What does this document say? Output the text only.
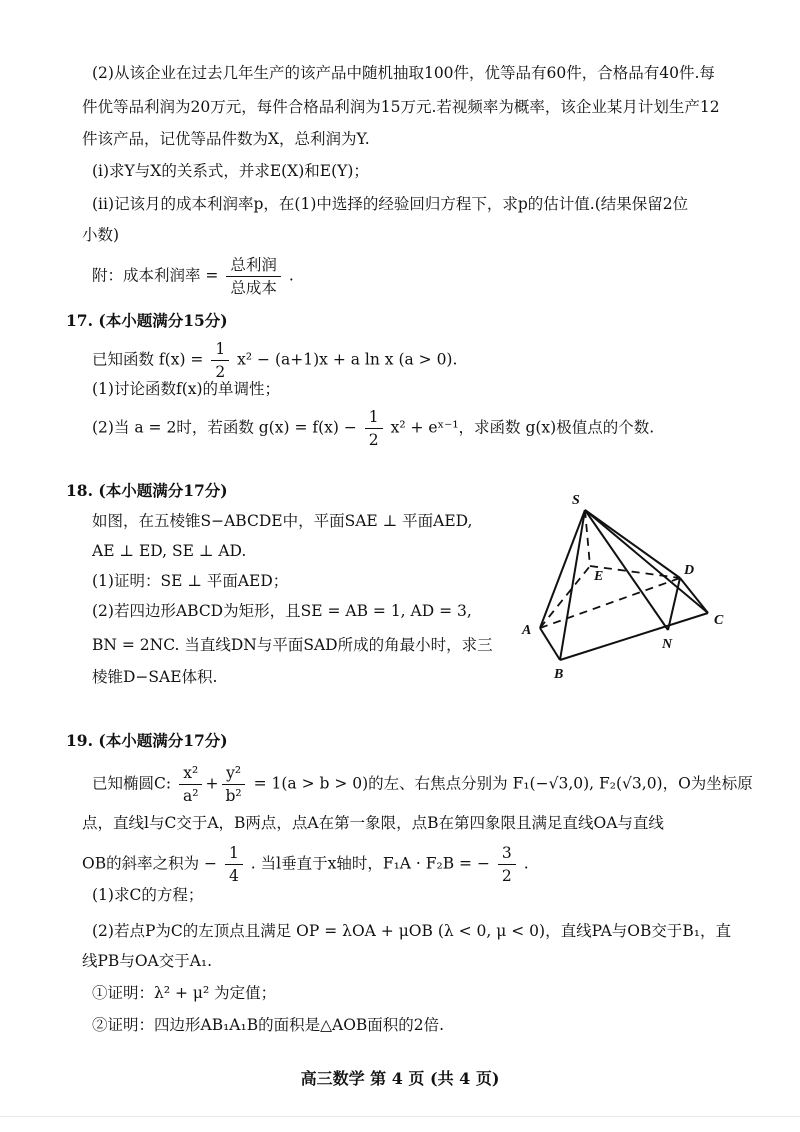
(2)从该企业在过去几年生产的该产品中随机抽取100件，优等品有60件，合格品有40件.每
件优等品利润为20万元，每件合格品利润为15万元.若视频率为概率，该企业某月计划生产12
件该产品，记优等品件数为X，总利润为Y.
(i)求Y与X的关系式，并求E(X)和E(Y)；
(ii)记该月的成本利润率p，在(1)中选择的经验回归方程下，求p的估计值.(结果保留2位
小数)
附：成本利润率 = $\frac{\text{总利润}}{\text{总成本}}$ .
17. (本小题满分15分)
已知函数 $f(x) = \frac{1}{2} x^2 - (a+1)x + a$ ln x (a > 0).
(1)讨论函数f(x)的单调性；
(2)当 a = 2时，若函数 $g(x) = f(x) - \frac{1}{2} x^2$ + eˣ⁻¹，求函数 g(x)极值点的个数.
18. (本小题满分17分)
如图，在五棱锥S−ABCDE中，平面SAE ⊥ 平面AED,
AE ⊥ ED, SE ⊥ AD.
(1)证明：SE ⊥ 平面AED；
(2)若四边形ABCD为矩形，且SE = AB = 1, AD = 3,
BN = 2NC. 当直线DN与平面SAD所成的角最小时，求三
棱锥D−SAE体积.
S
E	D
A
C
N
B
19. (本小题满分17分)
已知椭圆C: $\frac{\text{x²}}{\text{a²}} + \frac{\text{y²}}{\text{b²}} = 1(a > b > 0)$的左、右焦点分别为 F₁(−√3,0), F₂(√3,0)，O为坐标原
点，直线l与C交于A，B两点，点A在第一象限，点B在第四象限且满足直线OA与直线
OB的斜率之积为 − $\frac{1}{4}$ . 当l垂直于x轴时，F₁A · F₂B = − $\frac{3}{2}$ .
(1)求C的方程；
(2)若点P为C的左顶点且满足 OP = λOA + μOB (λ < 0, μ < 0)，直线PA与OB交于B₁，直
线PB与OA交于A₁.
①证明：λ² + μ² 为定值；
②证明：四边形AB₁A₁B的面积是△AOB面积的2倍.
高三数学 第 4 页 (共 4 页)
